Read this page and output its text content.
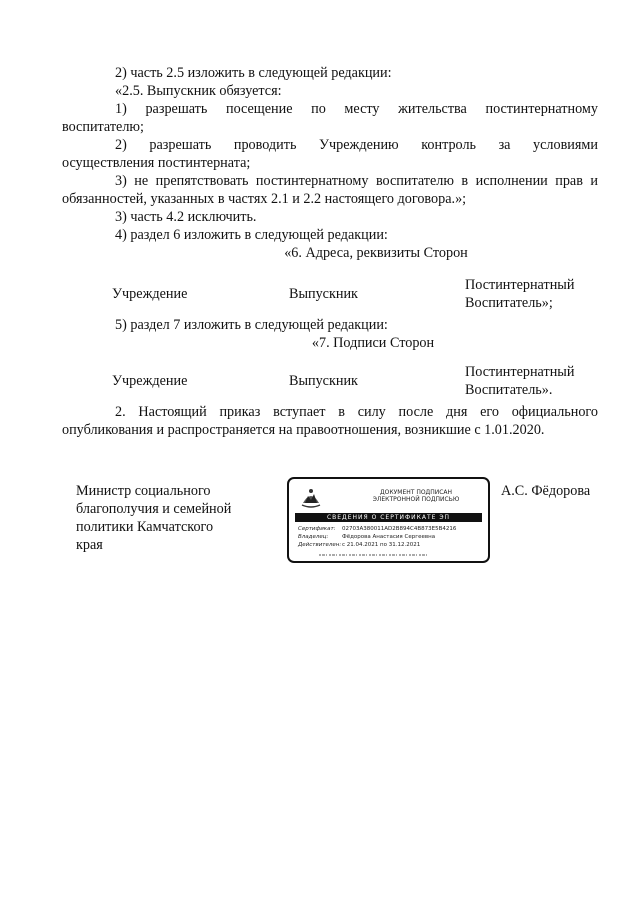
2) часть 2.5 изложить в следующей редакции:
«2.5. Выпускник обязуется:
1) разрешать посещение по месту жительства постинтернатному
воспитателю;
2) разрешать проводить Учреждению контроль за условиями
осуществления постинтерната;
3) не препятствовать постинтернатному воспитателю в исполнении прав и
обязанностей, указанных в частях 2.1 и 2.2 настоящего договора.»;
3) часть 4.2 исключить.
4) раздел 6 изложить в следующей редакции:
«6. Адреса, реквизиты Сторон
Учреждение	Выпускник
Постинтернатный
Воспитатель»;
5) раздел 7 изложить в следующей редакции:
«7. Подписи Сторон
Учреждение	Выпускник
Постинтернатный
Воспитатель».
2. Настоящий приказ вступает в силу после дня его официального
опубликования и распространяется на правоотношения, возникшие с 1.01.2020.
Министр социального
благополучия и семейной
политики Камчатского
края
ДОКУМЕНТ ПОДПИСАН
ЭЛЕКТРОННОЙ ПОДПИСЬЮ
СВЕДЕНИЯ О СЕРТИФИКАТЕ ЭП
Сертификат: 02703A380011AD2B894C4B873E5B4216
Владелец: Фёдорова Анастасия Сергеевна
Действителен:с 21.04.2021 по 31.12.2021
А.С. Фёдорова
